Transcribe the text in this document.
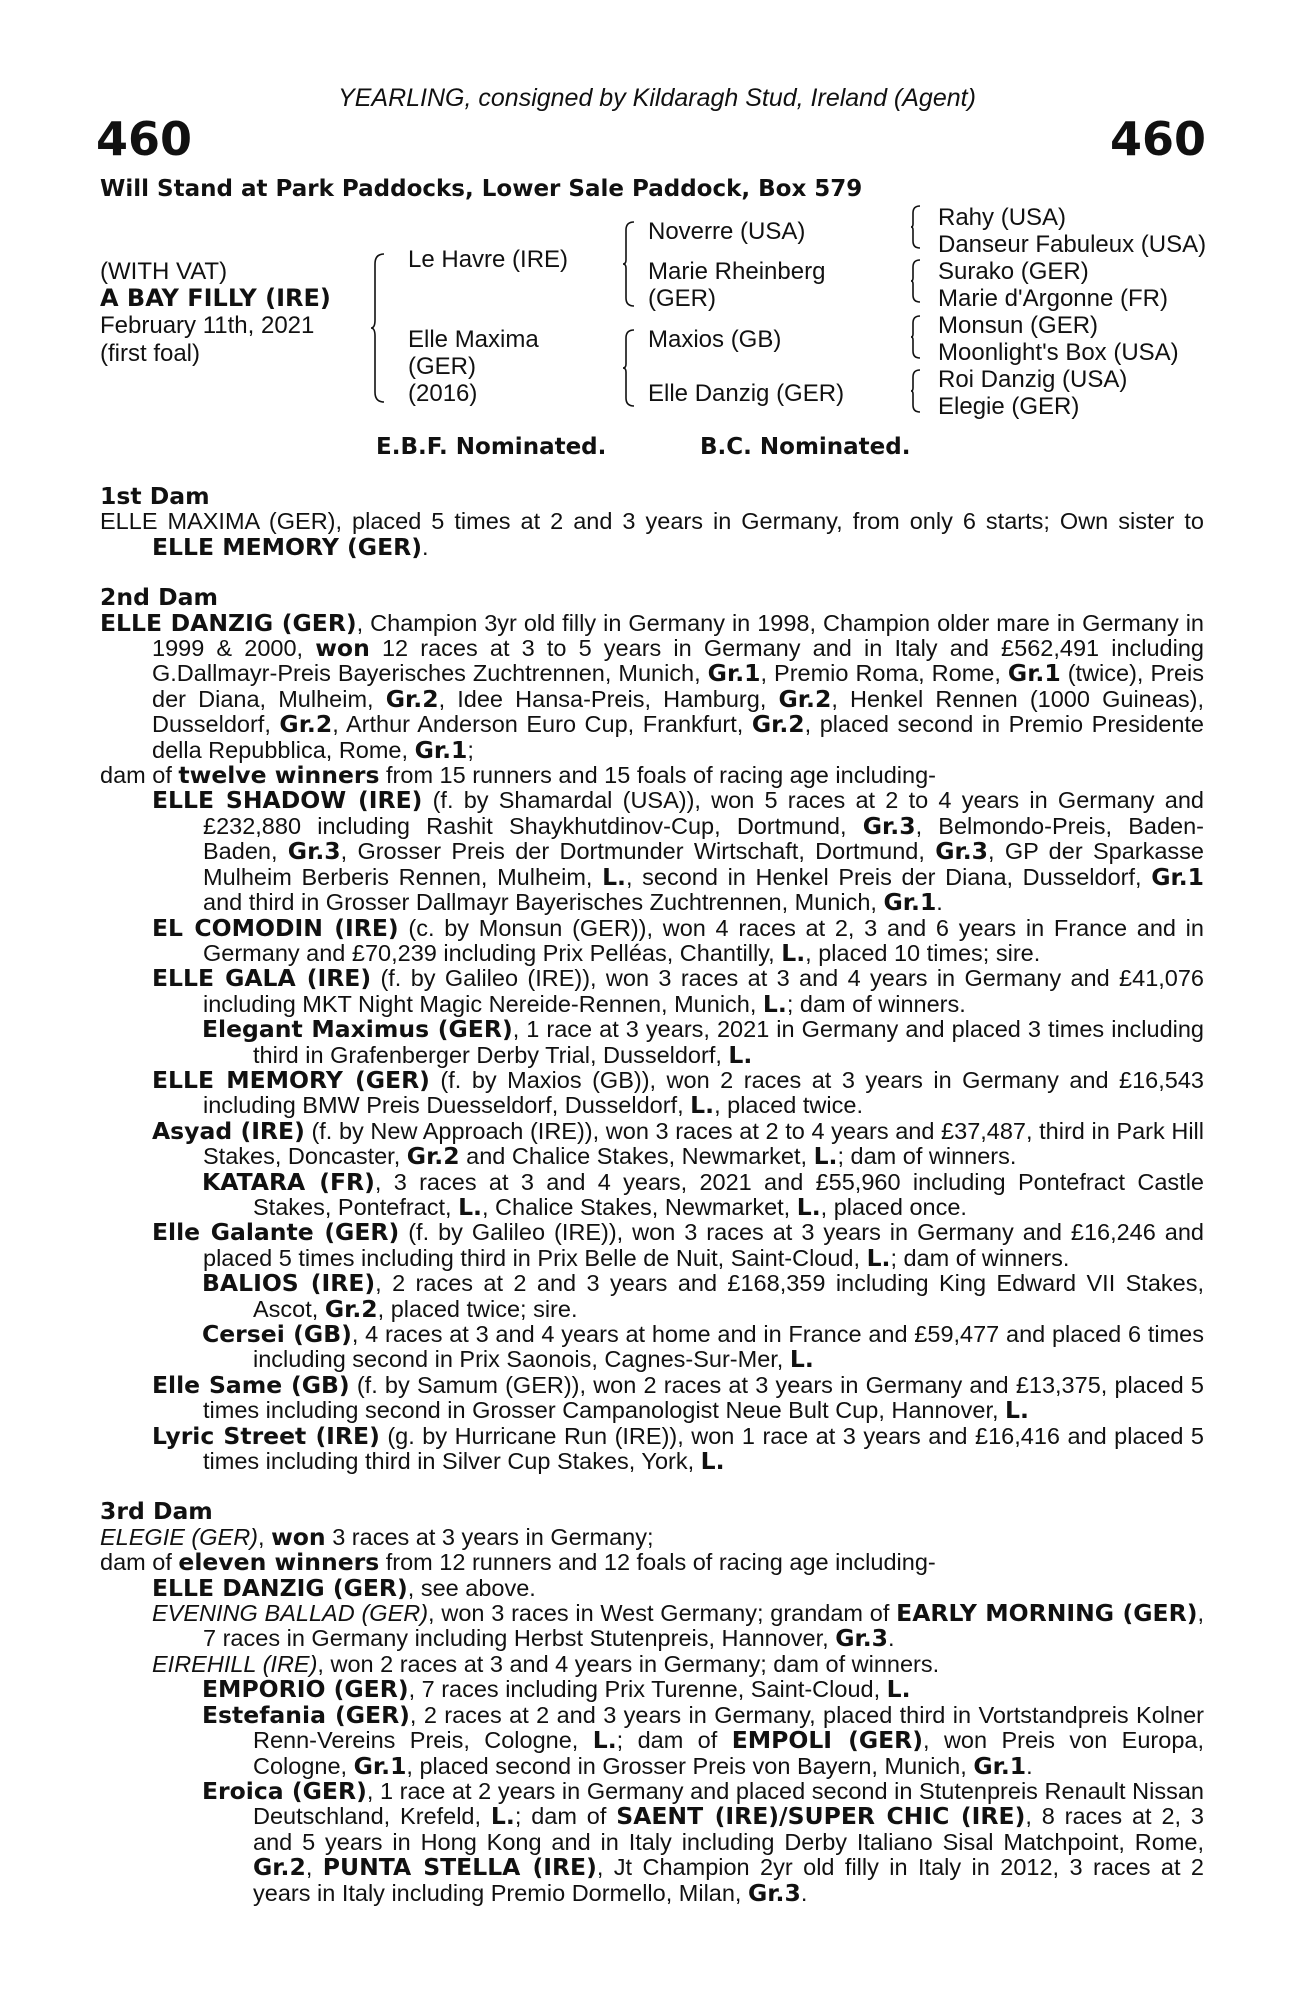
YEARLING, consigned by Kildaragh Stud, Ireland (Agent)
460	460
Will Stand at Park Paddocks, Lower Sale Paddock, Box 579
(WITH VAT)
A BAY FILLY (IRE)
February 11th, 2021
(first foal)
Le Havre (IRE)
Elle Maxima
(GER)
(2016)
Noverre (USA)
Marie Rheinberg
(GER)
Maxios (GB)
Elle Danzig (GER)
Rahy (USA)
Danseur Fabuleux (USA)
Surako (GER)
Marie d'Argonne (FR)
Monsun (GER)
Moonlight's Box (USA)
Roi Danzig (USA)
Elegie (GER)
E.B.F. Nominated.	B.C. Nominated.

1st Dam

ELLE MAXIMA (GER), placed 5 times at 2 and 3 years in Germany, from only 6 starts; Own sister to ELLE MEMORY (GER).

2nd Dam

ELLE DANZIG (GER), Champion 3yr old filly in Germany in 1998, Champion older mare in Germany in 1999 & 2000, won 12 races at 3 to 5 years in Germany and in Italy and £562,491 including G.Dallmayr-Preis Bayerisches Zuchtrennen, Munich, Gr.1, Premio Roma, Rome, Gr.1 (twice), Preis der Diana, Mulheim, Gr.2, Idee Hansa-Preis, Hamburg, Gr.2, Henkel Rennen (1000 Guineas), Dusseldorf, Gr.2, Arthur Anderson Euro Cup, Frankfurt, Gr.2, placed second in Premio Presidente della Repubblica, Rome, Gr.1;

dam of twelve winners from 15 runners and 15 foals of racing age including-

ELLE SHADOW (IRE) (f. by Shamardal (USA)), won 5 races at 2 to 4 years in Germany and £232,880 including Rashit Shaykhutdinov-Cup, Dortmund, Gr.3, Belmondo-Preis, Baden-Baden, Gr.3, Grosser Preis der Dortmunder Wirtschaft, Dortmund, Gr.3, GP der Sparkasse Mulheim Berberis Rennen, Mulheim, L., second in Henkel Preis der Diana, Dusseldorf, Gr.1 and third in Grosser Dallmayr Bayerisches Zuchtrennen, Munich, Gr.1.

EL COMODIN (IRE) (c. by Monsun (GER)), won 4 races at 2, 3 and 6 years in France and in Germany and £70,239 including Prix Pelléas, Chantilly, L., placed 10 times; sire.

ELLE GALA (IRE) (f. by Galileo (IRE)), won 3 races at 3 and 4 years in Germany and £41,076 including MKT Night Magic Nereide-Rennen, Munich, L.; dam of winners.

Elegant Maximus (GER), 1 race at 3 years, 2021 in Germany and placed 3 times including third in Grafenberger Derby Trial, Dusseldorf, L.

ELLE MEMORY (GER) (f. by Maxios (GB)), won 2 races at 3 years in Germany and £16,543 including BMW Preis Duesseldorf, Dusseldorf, L., placed twice.

Asyad (IRE) (f. by New Approach (IRE)), won 3 races at 2 to 4 years and £37,487, third in Park Hill Stakes, Doncaster, Gr.2 and Chalice Stakes, Newmarket, L.; dam of winners.

KATARA (FR), 3 races at 3 and 4 years, 2021 and £55,960 including Pontefract Castle Stakes, Pontefract, L., Chalice Stakes, Newmarket, L., placed once.

Elle Galante (GER) (f. by Galileo (IRE)), won 3 races at 3 years in Germany and £16,246 and placed 5 times including third in Prix Belle de Nuit, Saint-Cloud, L.; dam of winners.

BALIOS (IRE), 2 races at 2 and 3 years and £168,359 including King Edward VII Stakes, Ascot, Gr.2, placed twice; sire.

Cersei (GB), 4 races at 3 and 4 years at home and in France and £59,477 and placed 6 times including second in Prix Saonois, Cagnes-Sur-Mer, L.

Elle Same (GB) (f. by Samum (GER)), won 2 races at 3 years in Germany and £13,375, placed 5 times including second in Grosser Campanologist Neue Bult Cup, Hannover, L.

Lyric Street (IRE) (g. by Hurricane Run (IRE)), won 1 race at 3 years and £16,416 and placed 5 times including third in Silver Cup Stakes, York, L.

3rd Dam

ELEGIE (GER), won 3 races at 3 years in Germany;

dam of eleven winners from 12 runners and 12 foals of racing age including-

ELLE DANZIG (GER), see above.

EVENING BALLAD (GER), won 3 races in West Germany; grandam of EARLY MORNING (GER), 7 races in Germany including Herbst Stutenpreis, Hannover, Gr.3.

EIREHILL (IRE), won 2 races at 3 and 4 years in Germany; dam of winners.

EMPORIO (GER), 7 races including Prix Turenne, Saint-Cloud, L.

Estefania (GER), 2 races at 2 and 3 years in Germany, placed third in Vortstandpreis Kolner Renn-Vereins Preis, Cologne, L.; dam of EMPOLI (GER), won Preis von Europa, Cologne, Gr.1, placed second in Grosser Preis von Bayern, Munich, Gr.1.

Eroica (GER), 1 race at 2 years in Germany and placed second in Stutenpreis Renault Nissan Deutschland, Krefeld, L.; dam of SAENT (IRE)/SUPER CHIC (IRE), 8 races at 2, 3 and 5 years in Hong Kong and in Italy including Derby Italiano Sisal Matchpoint, Rome, Gr.2, PUNTA STELLA (IRE), Jt Champion 2yr old filly in Italy in 2012, 3 races at 2 years in Italy including Premio Dormello, Milan, Gr.3.
